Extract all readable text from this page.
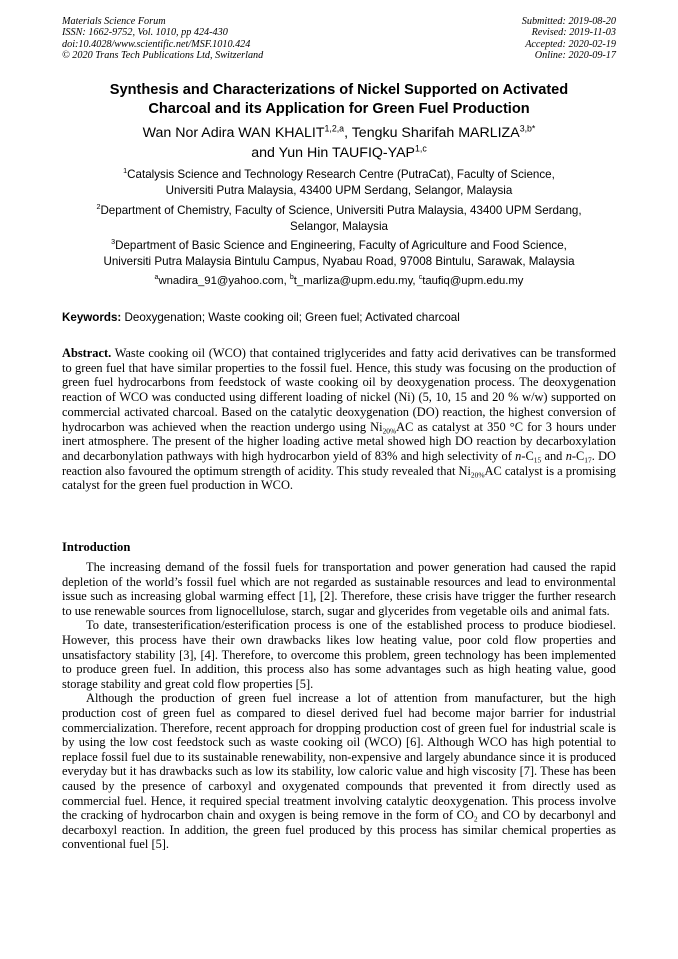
Materials Science Forum
ISSN: 1662-9752, Vol. 1010, pp 424-430
doi:10.4028/www.scientific.net/MSF.1010.424
© 2020 Trans Tech Publications Ltd, Switzerland
Submitted: 2019-08-20
Revised: 2019-11-03
Accepted: 2020-02-19
Online: 2020-09-17
Synthesis and Characterizations of Nickel Supported on Activated
Charcoal and its Application for Green Fuel Production
Wan Nor Adira WAN KHALIT$^{1,2,a}$, Tengku Sharifah $MARLIZA^{3,b*}$
and Yun Hin TAUFIQ-YAP$^{1,c}$
$^1$Catalysis Science and Technology Research Centre (PutraCat), Faculty of Science,
Universiti Putra Malaysia, 43400 UPM Serdang, Selangor, Malaysia
$^2$Department of Chemistry, Faculty of Science, Universiti Putra Malaysia, 43400 UPM Serdang,
Selangor, Malaysia
$^3$Department of Basic Science and Engineering, Faculty of Agriculture and Food Science,
Universiti Putra Malaysia Bintulu Campus, Nyabau Road, 97008 Bintulu, Sarawak, Malaysia
$^a$wnadira_91@yahoo.com, $^b$t_marliza@upm.edu.my, $^c$taufiq@upm.edu.my
Keywords: Deoxygenation; Waste cooking oil; Green fuel; Activated charcoal
Abstract. Waste cooking oil (WCO) that contained triglycerides and fatty acid derivatives can be transformed to green fuel that have similar properties to the fossil fuel. Hence, this study was focusing on the production of green fuel hydrocarbons from feedstock of waste cooking oil by deoxygenation process. The deoxygenation reaction of WCO was conducted using different loading of nickel (Ni) (5, 10, 15 and 20 % w/w) supported on commercial activated charcoal. Based on the catalytic deoxygenation (DO) reaction, the highest conversion of hydrocarbon was achieved when the reaction undergo using $Ni_{20\%}AC$ as catalyst at 350 °C for 3 hours under inert atmosphere. The present of the higher loading active metal showed high DO reaction by decarboxylation and decarbonylation pathways with high hydrocarbon yield of 83% and high selectivity of $n-C_{15}$ and $n-C_{17}$. DO reaction also favoured the optimum strength of acidity. This study revealed that $Ni_{20\%}AC$ catalyst is a promising catalyst for the green fuel production in WCO.
Introduction

The increasing demand of the fossil fuels for transportation and power generation had caused the rapid depletion of the world’s fossil fuel which are not regarded as sustainable resources and lead to environmental issue such as increasing global warming effect [1], [2]. Therefore, these crisis have trigger the further research to use renewable sources from lignocellulose, starch, sugar and glycerides from vegetable oils and animal fats.

To date, transesterification/esterification process is one of the established process to produce biodiesel. However, this process have their own drawbacks likes low heating value, poor cold flow properties and unsatisfactory stability [3], [4]. Therefore, to overcome this problem, green technology has been implemented to produce green fuel. In addition, this process also has some advantages such as high heating value, good storage stability and great cold flow properties [5].

Although the production of green fuel increase a lot of attention from manufacturer, but the high production cost of green fuel as compared to diesel derived fuel had become major barrier for industrial commercialization. Therefore, recent approach for dropping production cost of green fuel for industrial scale is by using the low cost feedstock such as waste cooking oil (WCO) [6]. Although WCO has high potential to replace fossil fuel due to its sustainable renewability, non-expensive and largely abundance since it is produced everyday but it has drawbacks such as low its stability, low caloric value and high viscosity [7]. These has been caused by the presence of carboxyl and oxygenated compounds that prevented it from directly used as commercial fuel. Hence, it required special treatment involving catalytic deoxygenation. This process involve the cracking of hydrocarbon chain and oxygen is being remove in the form of $CO_2$ and CO by decarbonyl and decarboxyl reaction. In addition, the green fuel produced by this process has similar chemical properties as conventional fuel [5].
